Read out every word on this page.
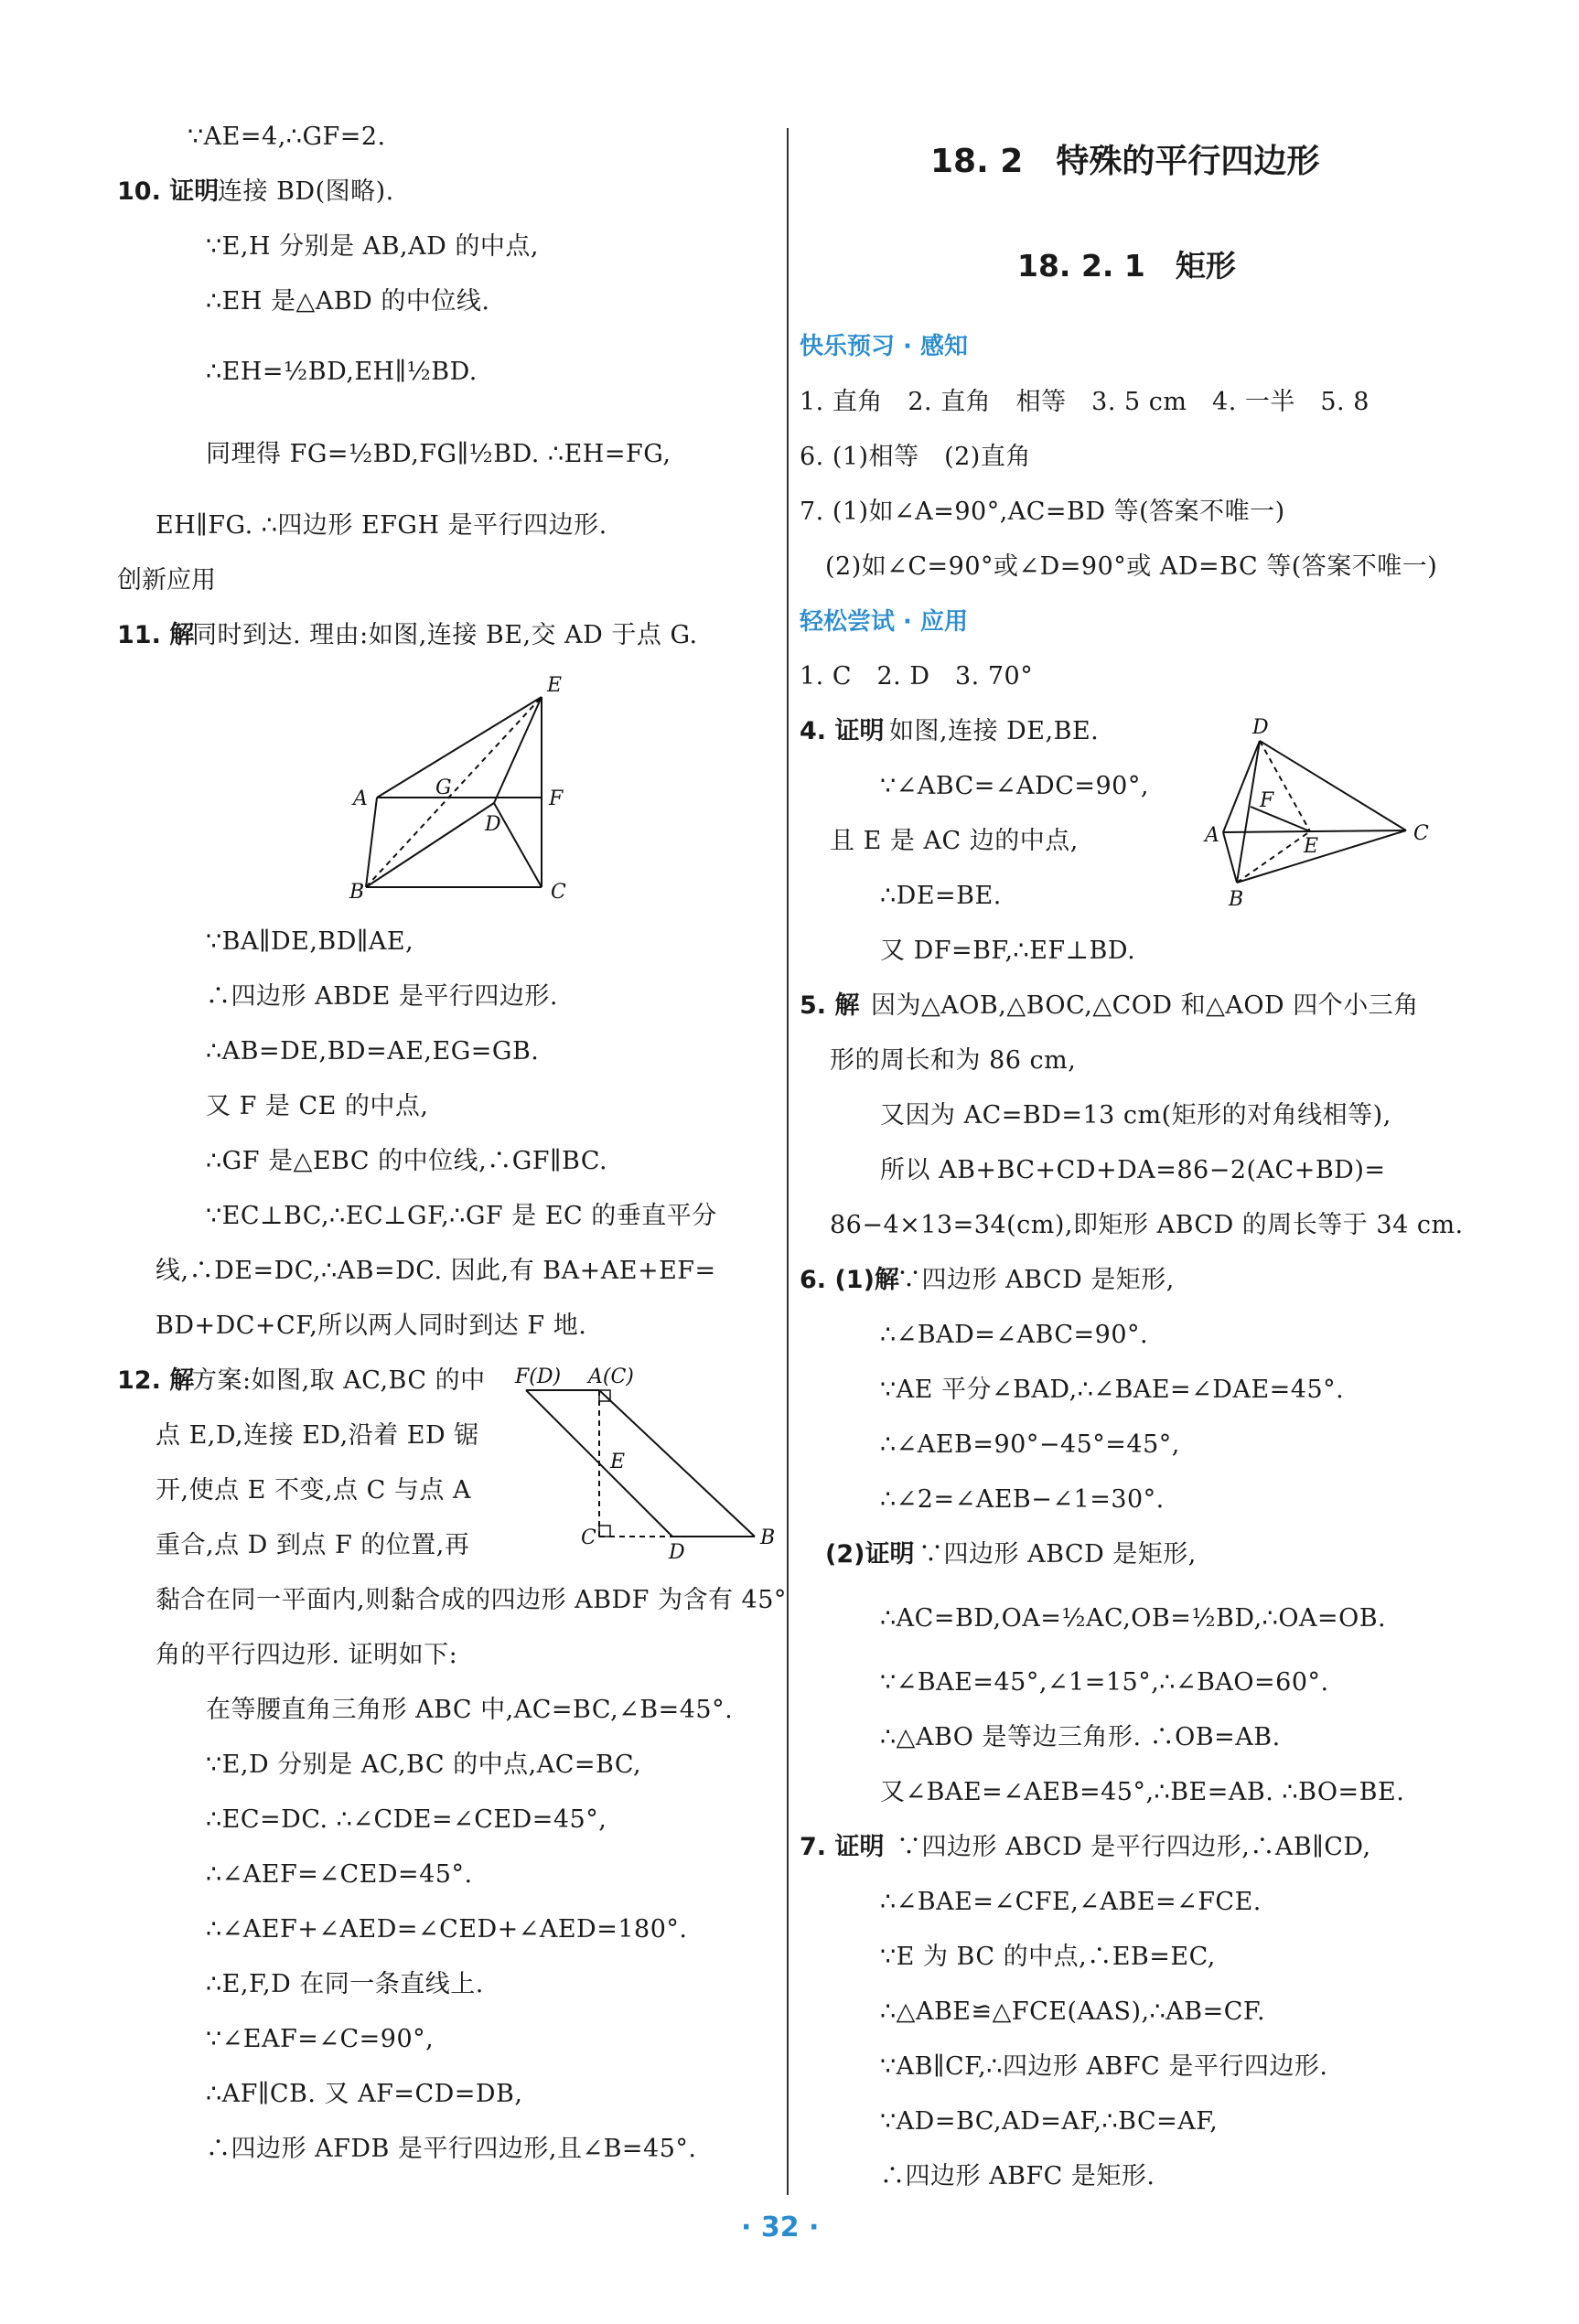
∵AE=4,∴GF=2.
10. 证明
连接 BD(图略).
∵E,H 分别是 AB,AD 的中点,
∴EH 是△ABD 的中位线.
∴EH=½BD,EH∥½BD.
同理得 FG=½BD,FG∥½BD. ∴EH=FG,
EH∥FG. ∴四边形 EFGH 是平行四边形.
创新应用
11. 解
同时到达. 理由:如图,连接 BE,交 AD 于点 G.
E
A	G	F
D
B	C
∵BA∥DE,BD∥AE,
∴四边形 ABDE 是平行四边形.
∴AB=DE,BD=AE,EG=GB.
又 F 是 CE 的中点,
∴GF 是△EBC 的中位线,∴GF∥BC.
∵EC⊥BC,∴EC⊥GF,∴GF 是 EC 的垂直平分
线,∴DE=DC,∴AB=DC. 因此,有 BA+AE+EF=
BD+DC+CF,所以两人同时到达 F 地.
12. 解
方案:如图,取 AC,BC 的中
点 E,D,连接 ED,沿着 ED 锯
开,使点 E 不变,点 C 与点 A
重合,点 D 到点 F 的位置,再
F(D) A(C)
E
C
D
B
黏合在同一平面内,则黏合成的四边形 ABDF 为含有 45°
角的平行四边形. 证明如下:
在等腰直角三角形 ABC 中,AC=BC,∠B=45°.
∵E,D 分别是 AC,BC 的中点,AC=BC,
∴EC=DC. ∴∠CDE=∠CED=45°,
∴∠AEF=∠CED=45°.
∴∠AEF+∠AED=∠CED+∠AED=180°.
∴E,F,D 在同一条直线上.
∵∠EAF=∠C=90°,
∴AF∥CB. 又 AF=CD=DB,
∴四边形 AFDB 是平行四边形,且∠B=45°.
18. 2　特殊的平行四边形
18. 2. 1　矩形
快乐预习 · 感知
1. 直角　2. 直角　相等　3. 5 cm　4. 一半　5. 8
6. (1)相等　(2)直角
7. (1)如∠A=90°,AC=BD 等(答案不唯一)
(2)如∠C=90°或∠D=90°或 AD=BC 等(答案不唯一)
轻松尝试 · 应用
1. C　2. D　3. 70°
4. 证明 如图,连接 DE,BE.
∵∠ABC=∠ADC=90°,
且 E 是 AC 边的中点,
∴DE=BE.
又 DF=BF,∴EF⊥BD.
D
F
A	E
C
B
5. 解 因为△AOB,△BOC,△COD 和△AOD 四个小三角
形的周长和为 86 cm,
又因为 AC=BD=13 cm(矩形的对角线相等),
所以 AB+BC+CD+DA=86−2(AC+BD)=
86−4×13=34(cm),即矩形 ABCD 的周长等于 34 cm.
6. (1)解
∵四边形 ABCD 是矩形,
∴∠BAD=∠ABC=90°.
∵AE 平分∠BAD,∴∠BAE=∠DAE=45°.
∴∠AEB=90°−45°=45°,
∴∠2=∠AEB−∠1=30°.
(2)证明 ∵四边形 ABCD 是矩形,
∴AC=BD,OA=½AC,OB=½BD,∴OA=OB.
∵∠BAE=45°,∠1=15°,∴∠BAO=60°.
∴△ABO 是等边三角形. ∴OB=AB.
又∠BAE=∠AEB=45°,∴BE=AB. ∴BO=BE.
7. 证明 ∵四边形 ABCD 是平行四边形,∴AB∥CD,
∴∠BAE=∠CFE,∠ABE=∠FCE.
∵E 为 BC 的中点,∴EB=EC,
∴△ABE≌△FCE(AAS),∴AB=CF.
∵AB∥CF,∴四边形 ABFC 是平行四边形.
∵AD=BC,AD=AF,∴BC=AF,
∴四边形 ABFC 是矩形.
· 32 ·
